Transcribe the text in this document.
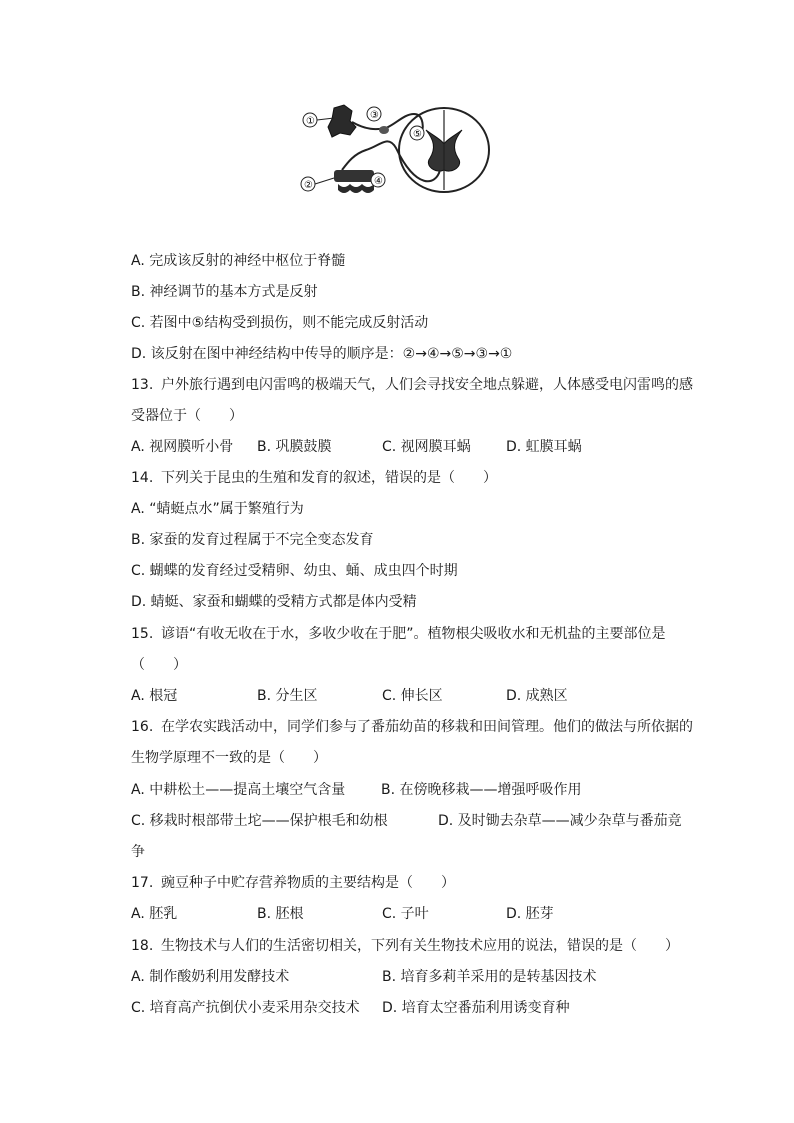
①
②
③
④
⑤
A. 完成该反射的神经中枢位于脊髓
B. 神经调节的基本方式是反射
C. 若图中⑤结构受到损伤，则不能完成反射活动
D. 该反射在图中神经结构中传导的顺序是：②→④→⑤→③→①
13. 户外旅行遇到电闪雷鸣的极端天气，人们会寻找安全地点躲避，人体感受电闪雷鸣的感
受器位于（　　）
A. 视网膜听小骨 B. 巩膜鼓膜	C. 视网膜耳蜗	D. 虹膜耳蜗
14. 下列关于昆虫的生殖和发育的叙述，错误的是（　　）
A. “蜻蜓点水”属于繁殖行为
B. 家蚕的发育过程属于不完全变态发育
C. 蝴蝶的发育经过受精卵、幼虫、蛹、成虫四个时期
D. 蜻蜓、家蚕和蝴蝶的受精方式都是体内受精
15. 谚语“有收无收在于水，多收少收在于肥”。植物根尖吸收水和无机盐的主要部位是
（　　）
A. 根冠	B. 分生区	C. 伸长区	D. 成熟区
16. 在学农实践活动中，同学们参与了番茄幼苗的移栽和田间管理。他们的做法与所依据的
生物学原理不一致的是（　　）
A. 中耕松土——提高土壤空气含量	B. 在傍晚移栽——增强呼吸作用
C. 移栽时根部带土坨——保护根毛和幼根	D. 及时锄去杂草——减少杂草与番茄竞
争
17. 豌豆种子中贮存营养物质的主要结构是（　　）
A. 胚乳	B. 胚根	C. 子叶	D. 胚芽
18. 生物技术与人们的生活密切相关，下列有关生物技术应用的说法，错误的是（　　）
A. 制作酸奶利用发酵技术	B. 培育多莉羊采用的是转基因技术
C. 培育高产抗倒伏小麦采用杂交技术 D. 培育太空番茄利用诱变育种
